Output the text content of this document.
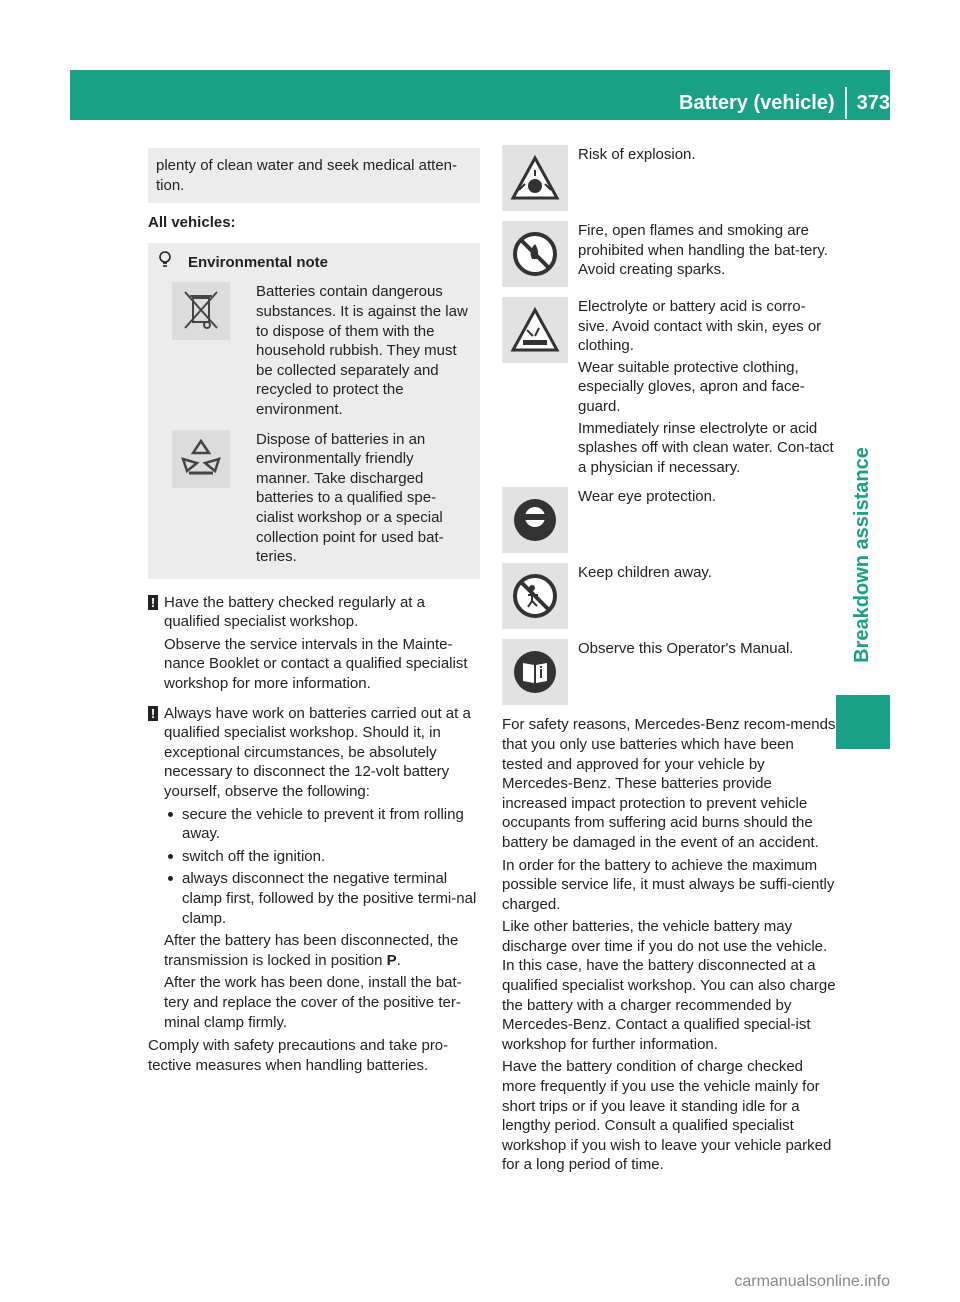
Battery (vehicle) 373
Breakdown assistance

plenty of clean water and seek medical atten-tion.

All vehicles:

Environmental note

Batteries contain dangerous substances. It is against the law to dispose of them with the household rubbish. They must be collected separately and recycled to protect the environment.

Dispose of batteries in an environmentally friendly manner. Take discharged batteries to a qualified spe-cialist workshop or a special collection point for used bat-teries.

! Have the battery checked regularly at a qualified specialist workshop.

Observe the service intervals in the Mainte-nance Booklet or contact a qualified specialist workshop for more information.

! Always have work on batteries carried out at a qualified specialist workshop. Should it, in exceptional circumstances, be absolutely necessary to disconnect the 12-volt battery yourself, observe the following:

secure the vehicle to prevent it from rolling away.
switch off the ignition.
always disconnect the negative terminal clamp first, followed by the positive termi-nal clamp.

After the battery has been disconnected, the transmission is locked in position P.

After the work has been done, install the bat-tery and replace the cover of the positive ter-minal clamp firmly.

Comply with safety precautions and take pro-tective measures when handling batteries.

Risk of explosion.

Fire, open flames and smoking are prohibited when handling the bat-tery. Avoid creating sparks.

Electrolyte or battery acid is corro-sive. Avoid contact with skin, eyes or clothing.

Wear suitable protective clothing, especially gloves, apron and face-guard.

Immediately rinse electrolyte or acid splashes off with clean water. Con-tact a physician if necessary.

Wear eye protection.

Keep children away.

Observe this Operator's Manual.

For safety reasons, Mercedes-Benz recom-mends that you only use batteries which have been tested and approved for your vehicle by Mercedes-Benz. These batteries provide increased impact protection to prevent vehicle occupants from suffering acid burns should the battery be damaged in the event of an accident.

In order for the battery to achieve the maximum possible service life, it must always be suffi-ciently charged.

Like other batteries, the vehicle battery may discharge over time if you do not use the vehicle. In this case, have the battery disconnected at a qualified specialist workshop. You can also charge the battery with a charger recommended by Mercedes-Benz. Contact a qualified special-ist workshop for further information.

Have the battery condition of charge checked more frequently if you use the vehicle mainly for short trips or if you leave it standing idle for a lengthy period. Consult a qualified specialist workshop if you wish to leave your vehicle parked for a long period of time.

carmanualsonline.info
